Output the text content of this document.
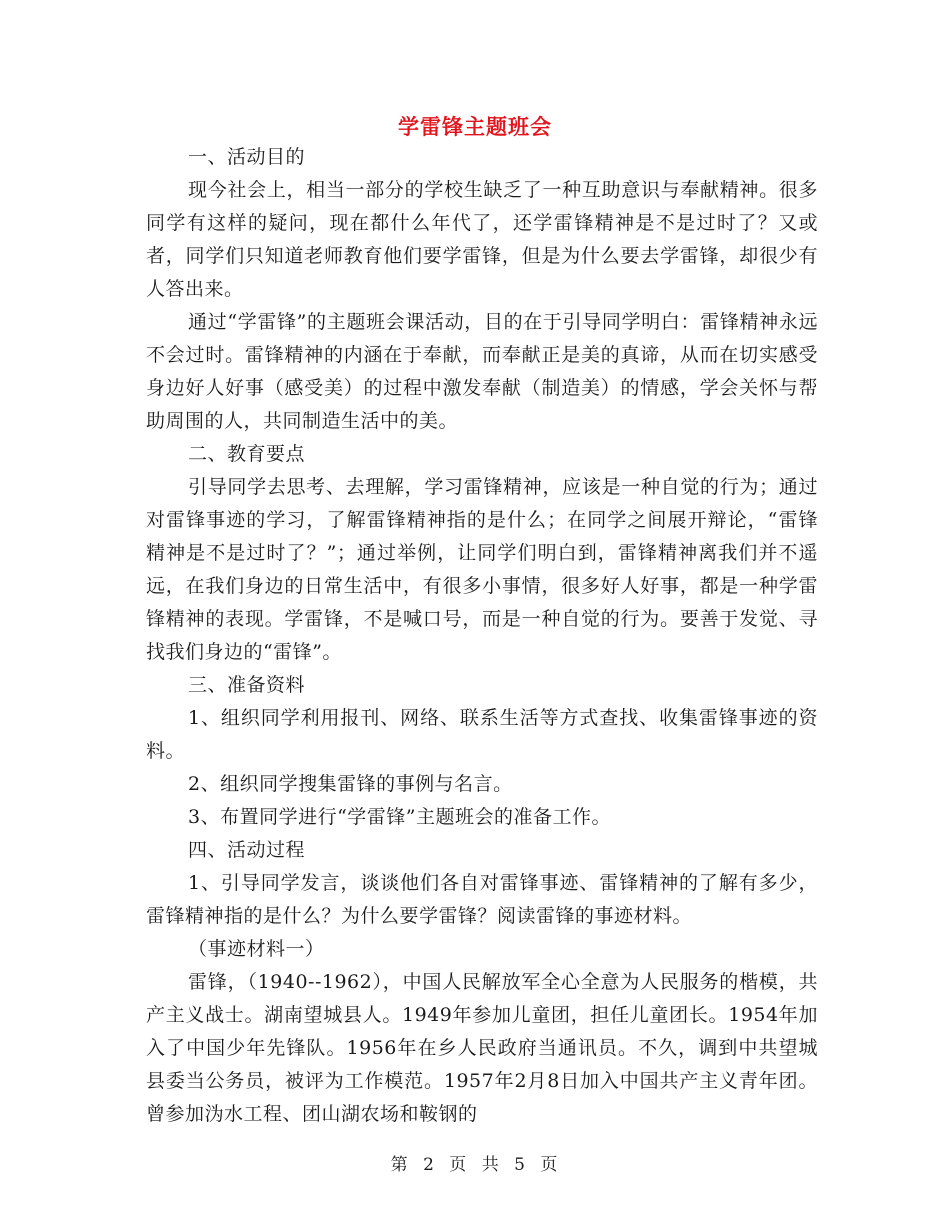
学雷锋主题班会

一、活动目的

现今社会上，相当一部分的学校生缺乏了一种互助意识与奉献精神。很多同学有这样的疑问，现在都什么年代了，还学雷锋精神是不是过时了？又或者，同学们只知道老师教育他们要学雷锋，但是为什么要去学雷锋，却很少有人答出来。

通过“学雷锋”的主题班会课活动，目的在于引导同学明白：雷锋精神永远不会过时。雷锋精神的内涵在于奉献，而奉献正是美的真谛，从而在切实感受身边好人好事（感受美）的过程中激发奉献（制造美）的情感，学会关怀与帮助周围的人，共同制造生活中的美。

二、教育要点

引导同学去思考、去理解，学习雷锋精神，应该是一种自觉的行为；通过对雷锋事迹的学习，了解雷锋精神指的是什么；在同学之间展开辩论，“雷锋精神是不是过时了？”；通过举例，让同学们明白到，雷锋精神离我们并不遥远，在我们身边的日常生活中，有很多小事情，很多好人好事，都是一种学雷锋精神的表现。学雷锋，不是喊口号，而是一种自觉的行为。要善于发觉、寻找我们身边的“雷锋”。

三、准备资料

1、组织同学利用报刊、网络、联系生活等方式查找、收集雷锋事迹的资料。

2、组织同学搜集雷锋的事例与名言。

3、布置同学进行“学雷锋”主题班会的准备工作。

四、活动过程

1、引导同学发言，谈谈他们各自对雷锋事迹、雷锋精神的了解有多少，雷锋精神指的是什么？为什么要学雷锋？阅读雷锋的事迹材料。

（事迹材料一）

雷锋，（1940--1962），中国人民解放军全心全意为人民服务的楷模，共产主义战士。湖南望城县人。1949年参加儿童团，担任儿童团长。1954年加入了中国少年先锋队。1956年在乡人民政府当通讯员。不久，调到中共望城县委当公务员，被评为工作模范。1957年2月8日加入中国共产主义青年团。曾参加沩水工程、团山湖农场和鞍钢的

第 2 页 共 5 页
